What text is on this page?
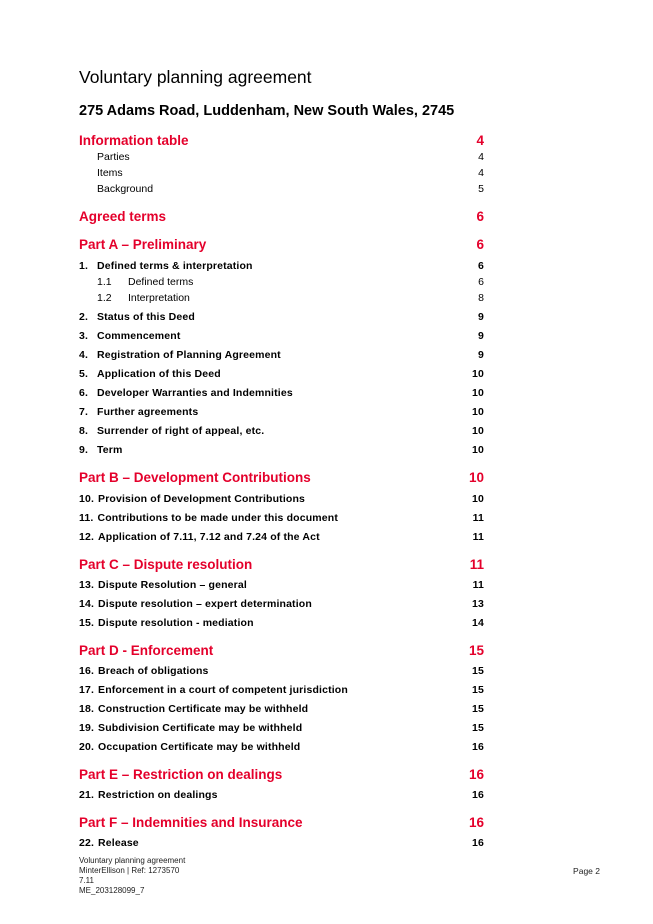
Voluntary planning agreement
275 Adams Road, Luddenham, New South Wales, 2745
Information table	4
Parties	4
Items	4
Background	5
Agreed terms	6
Part A – Preliminary	6
1. Defined terms & interpretation	6
1.1 Defined terms	6
1.2 Interpretation	8
2. Status of this Deed	9
3. Commencement	9
4. Registration of Planning Agreement	9
5. Application of this Deed	10
6. Developer Warranties and Indemnities	10
7. Further agreements	10
8. Surrender of right of appeal, etc.	10
9. Term	10
Part B – Development Contributions	10
10. Provision of Development Contributions	10
11. Contributions to be made under this document	11
12. Application of 7.11, 7.12 and 7.24 of the Act	11
Part C – Dispute resolution	11
13. Dispute Resolution – general	11
14. Dispute resolution – expert determination	13
15. Dispute resolution - mediation	14
Part D - Enforcement	15
16. Breach of obligations	15
17. Enforcement in a court of competent jurisdiction	15
18. Construction Certificate may be withheld	15
19. Subdivision Certificate may be withheld	15
20. Occupation Certificate may be withheld	16
Part E – Restriction on dealings	16
21. Restriction on dealings	16
Part F – Indemnities and Insurance	16
22. Release	16
Voluntary planning agreement
MinterEllison | Ref: 1273570
7.11
ME_203128099_7
Page 2
